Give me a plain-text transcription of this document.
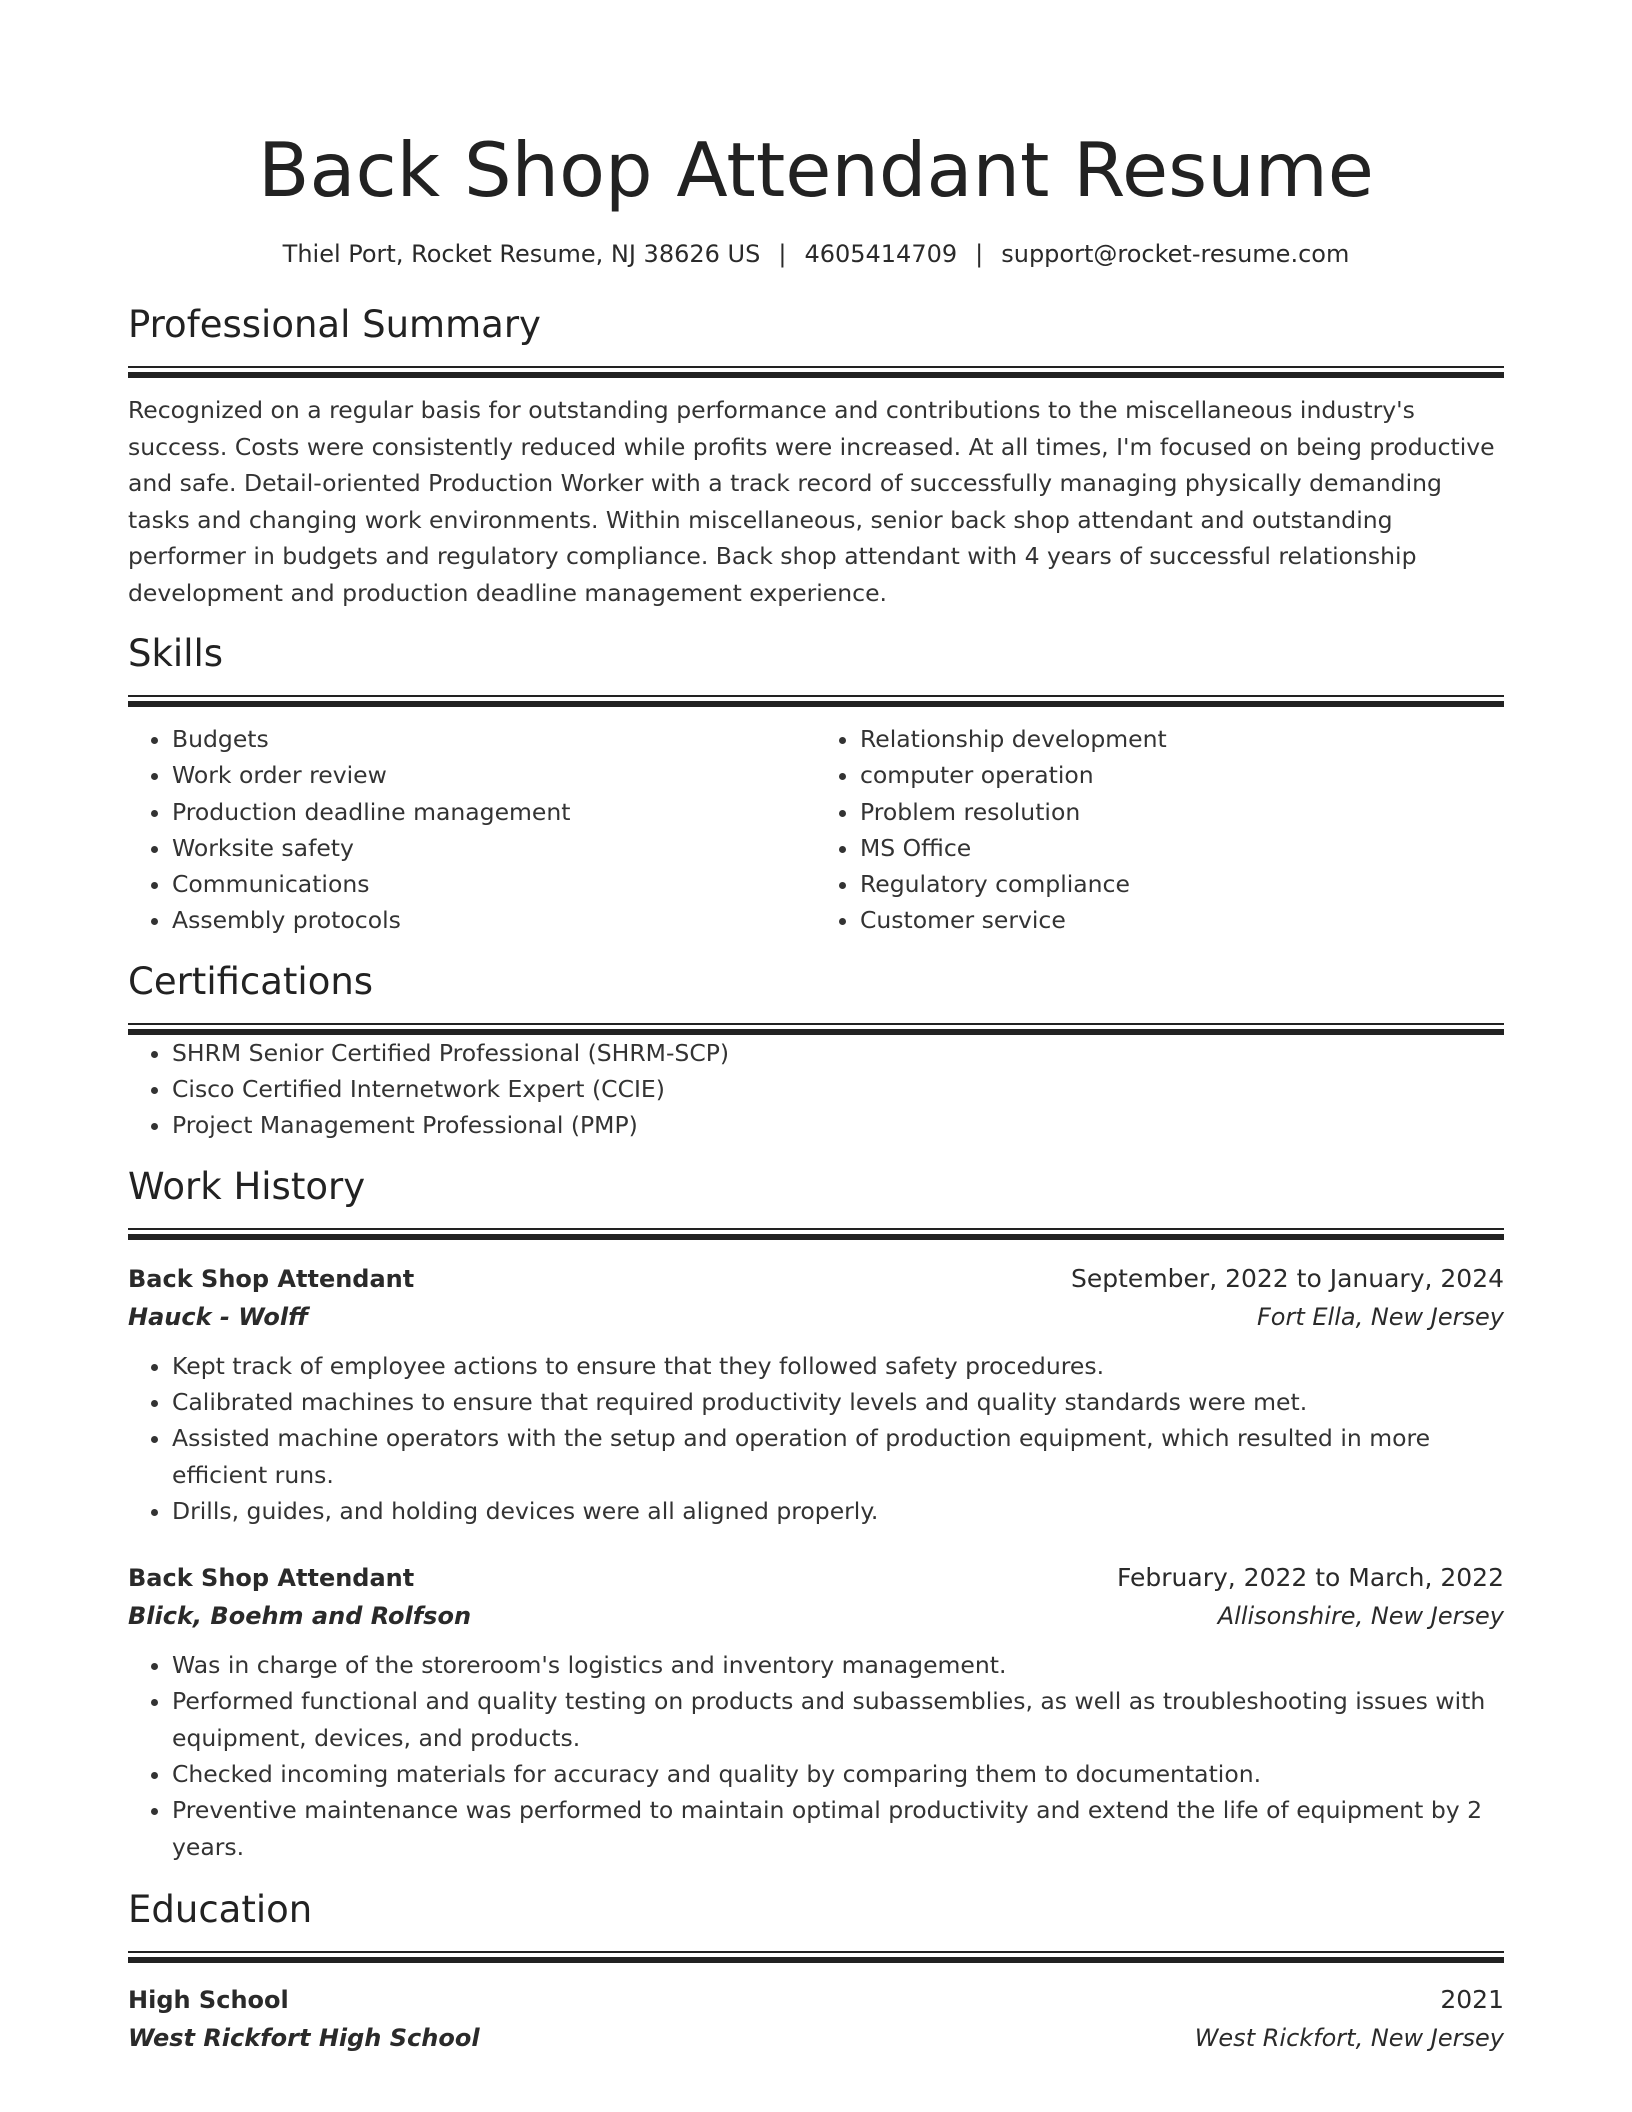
Back Shop Attendant Resume
Thiel Port, Rocket Resume, NJ 38626 US | 4605414709 | support@rocket-resume.com
Professional Summary
Recognized on a regular basis for outstanding performance and contributions to the miscellaneous industry's success. Costs were consistently reduced while profits were increased. At all times, I'm focused on being productive and safe. Detail-oriented Production Worker with a track record of successfully managing physically demanding tasks and changing work environments. Within miscellaneous, senior back shop attendant and outstanding performer in budgets and regulatory compliance. Back shop attendant with 4 years of successful relationship development and production deadline management experience.
Skills
• Budgets
• Work order review
• Production deadline management
• Worksite safety
• Communications
• Assembly protocols
• Relationship development
• computer operation
• Problem resolution
• MS Office
• Regulatory compliance
• Customer service
Certifications
• SHRM Senior Certified Professional (SHRM-SCP)
• Cisco Certified Internetwork Expert (CCIE)
• Project Management Professional (PMP)
Work History
Back Shop Attendant	September, 2022 to January, 2024
Hauck - Wolff	Fort Ella, New Jersey
• Kept track of employee actions to ensure that they followed safety procedures.
• Calibrated machines to ensure that required productivity levels and quality standards were met.
• Assisted machine operators with the setup and operation of production equipment, which resulted in more efficient runs.
• Drills, guides, and holding devices were all aligned properly.
Back Shop Attendant	February, 2022 to March, 2022
Blick, Boehm and Rolfson	Allisonshire, New Jersey
• Was in charge of the storeroom's logistics and inventory management.
• Performed functional and quality testing on products and subassemblies, as well as troubleshooting issues with equipment, devices, and products.
• Checked incoming materials for accuracy and quality by comparing them to documentation.
• Preventive maintenance was performed to maintain optimal productivity and extend the life of equipment by 2 years.
Education
High School	2021
West Rickfort High School	West Rickfort, New Jersey
